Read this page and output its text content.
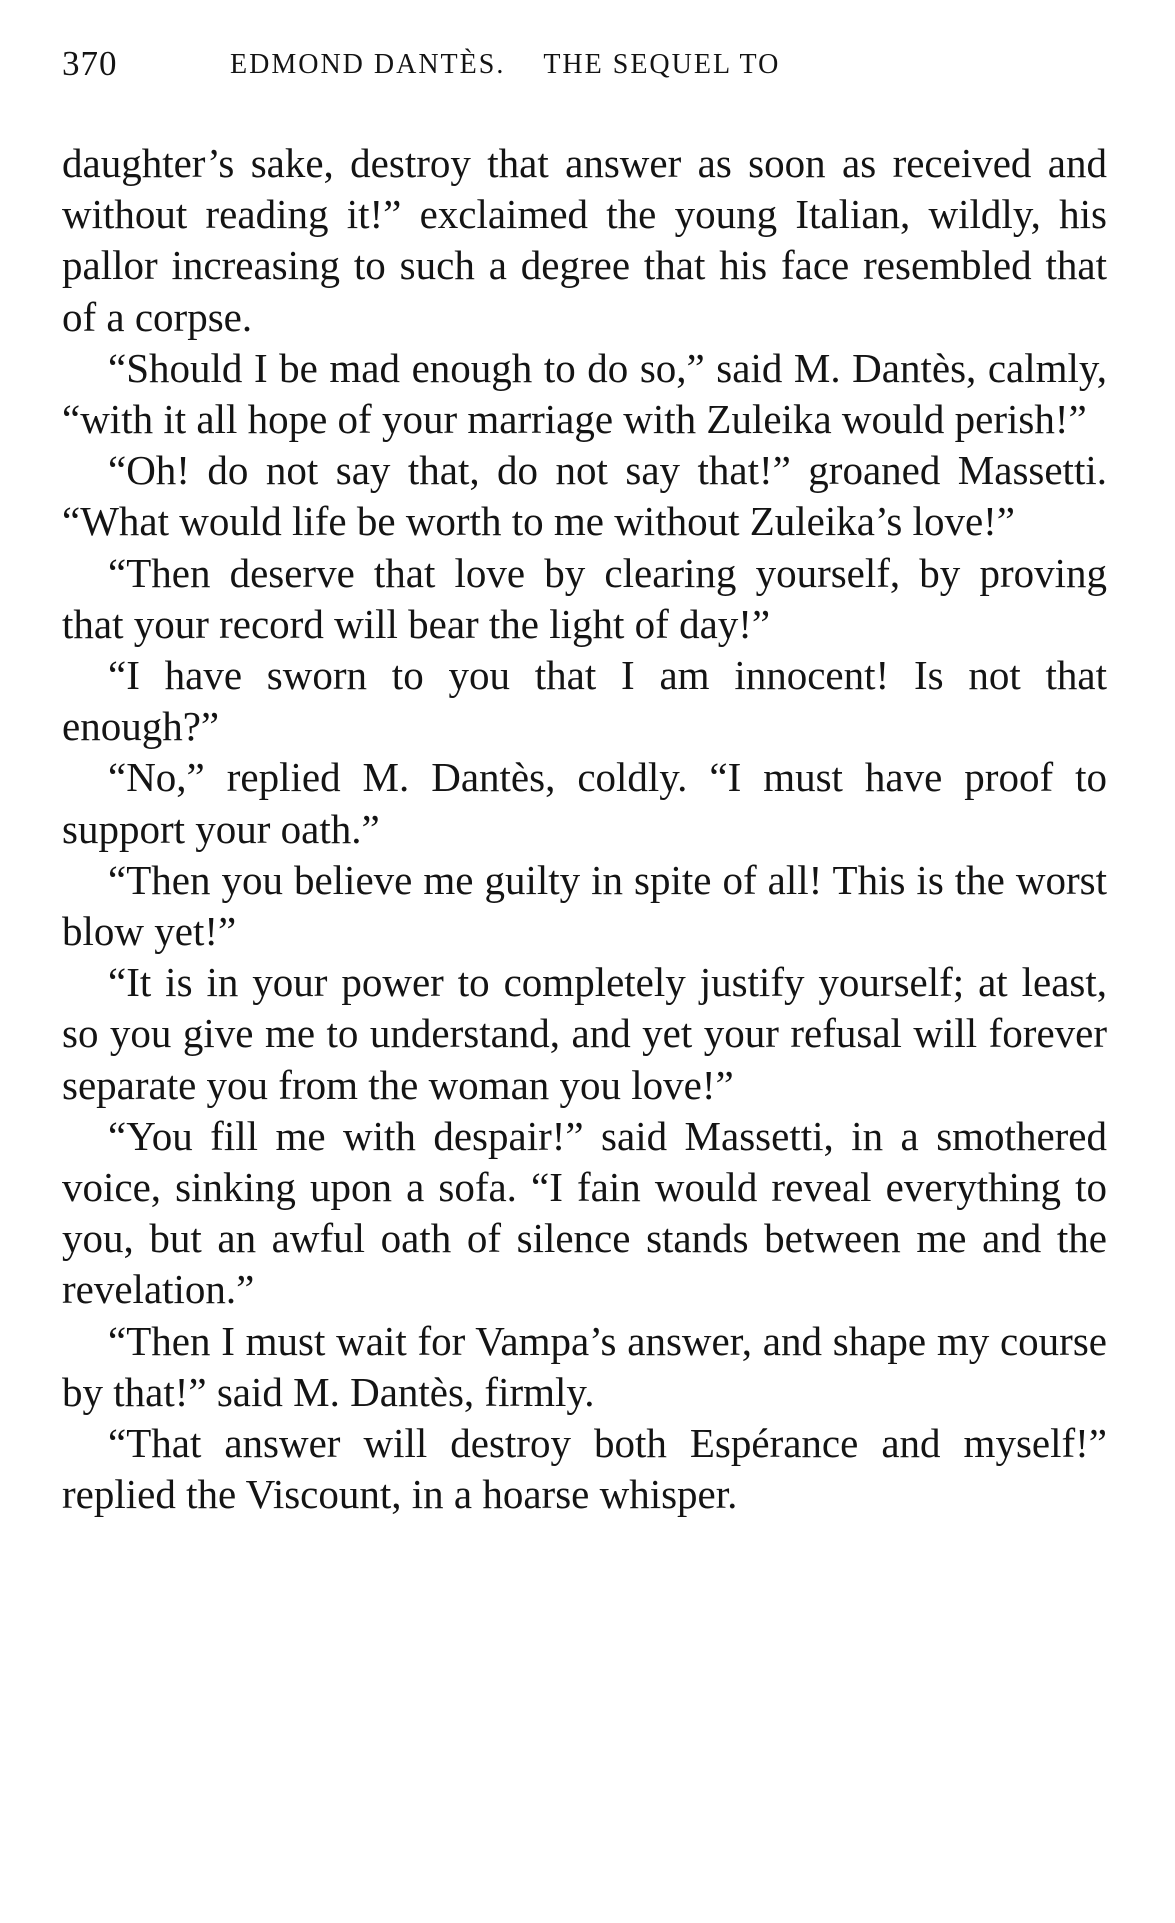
370	EDMOND DANTÈS. THE SEQUEL TO

daughter’s sake, destroy that answer as soon as received and without reading it!” exclaimed the young Italian, wildly, his pallor increasing to such a degree that his face resembled that of a corpse.

“Should I be mad enough to do so,” said M. Dantès, calmly, “with it all hope of your marriage with Zuleika would perish!”

“Oh! do not say that, do not say that!” groaned Massetti. “What would life be worth to me without Zuleika’s love!”

“Then deserve that love by clearing yourself, by proving that your record will bear the light of day!”

“I have sworn to you that I am innocent! Is not that enough?”

“No,” replied M. Dantès, coldly. “I must have proof to support your oath.”

“Then you believe me guilty in spite of all! This is the worst blow yet!”

“It is in your power to completely justify yourself; at least, so you give me to understand, and yet your refusal will forever separate you from the woman you love!”

“You fill me with despair!” said Massetti, in a smothered voice, sinking upon a sofa. “I fain would reveal everything to you, but an awful oath of silence stands between me and the revelation.”

“Then I must wait for Vampa’s answer, and shape my course by that!” said M. Dantès, firmly.

“That answer will destroy both Espérance and myself!” replied the Viscount, in a hoarse whisper.
